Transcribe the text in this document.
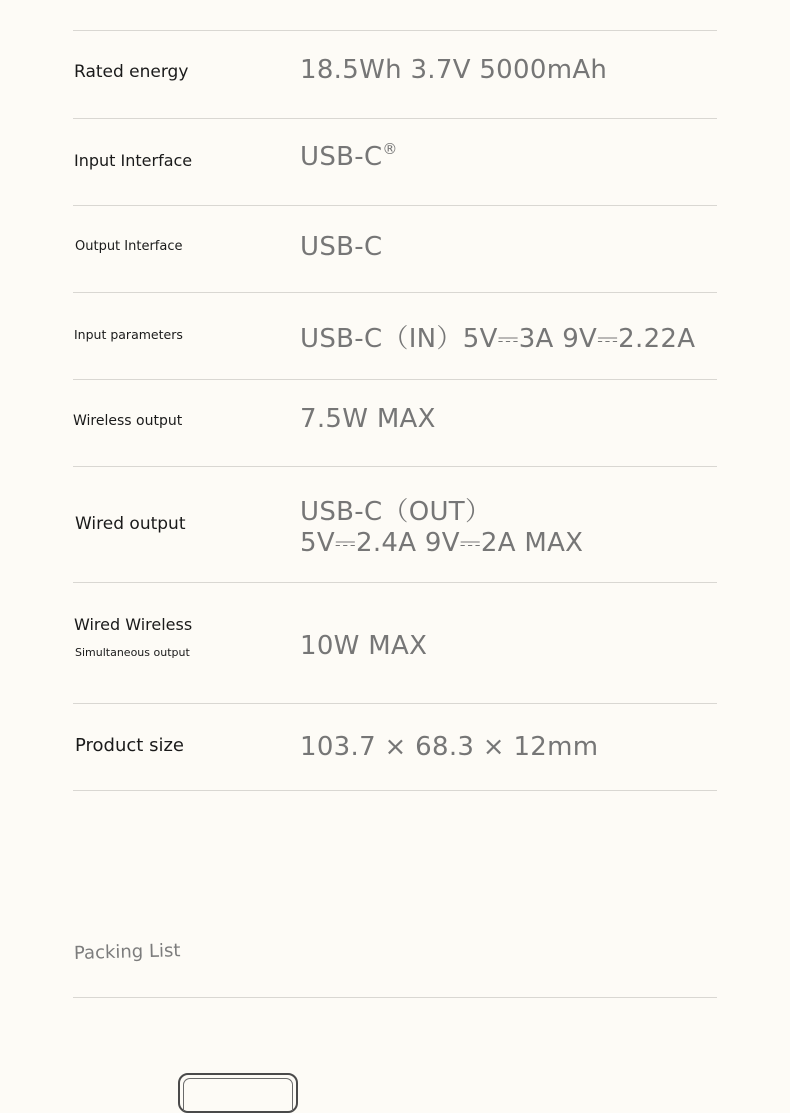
Rated energy	18.5Wh 3.7V 5000mAh
Input Interface	USB-C®
Output Interface	USB-C
Input parameters	USB-C（IN）5V⎓3A 9V⎓2.22A
Wireless output	7.5W MAX
Wired output	USB-C（OUT）
5V⎓2.4A 9V⎓2A MAX
Wired Wireless
Simultaneous output	10W MAX
Product size	103.7 × 68.3 × 12mm
Packing List
